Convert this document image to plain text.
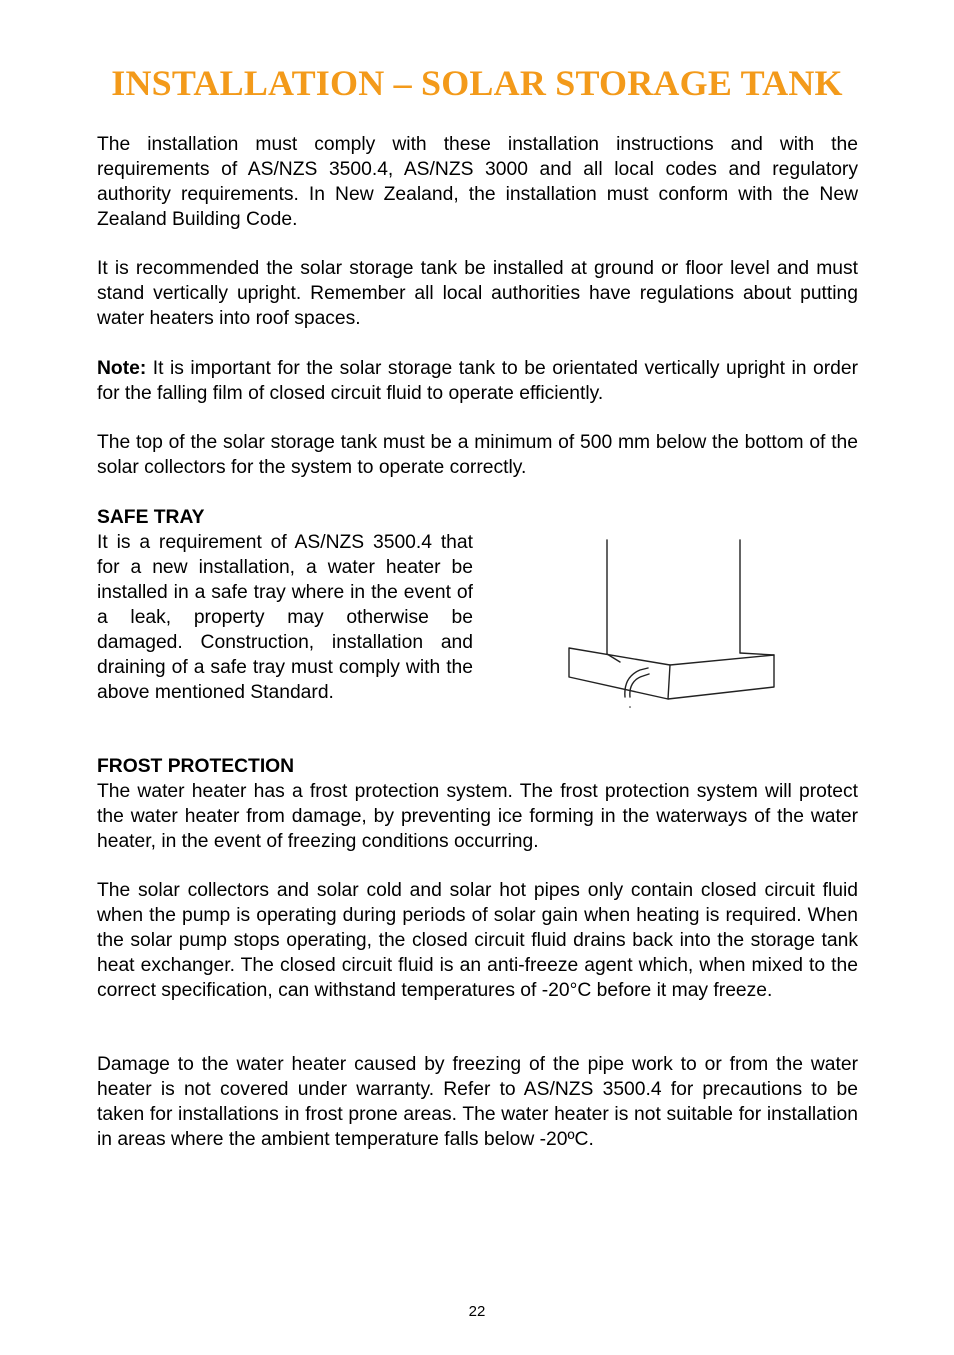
INSTALLATION – SOLAR STORAGE TANK

The installation must comply with these installation instructions and with the requirements of AS/NZS 3500.4, AS/NZS 3000 and all local codes and regulatory authority requirements. In New Zealand, the installation must conform with the New Zealand Building Code.

It is recommended the solar storage tank be installed at ground or floor level and must stand vertically upright. Remember all local authorities have regulations about putting water heaters into roof spaces.

Note: It is important for the solar storage tank to be orientated vertically upright in order for the falling film of closed circuit fluid to operate efficiently.

The top of the solar storage tank must be a minimum of 500 mm below the bottom of the solar collectors for the system to operate correctly.

SAFE TRAY

It is a requirement of AS/NZS 3500.4 that for a new installation, a water heater be installed in a safe tray where in the event of a leak, property may otherwise be damaged. Construction, installation and draining of a safe tray must comply with the above mentioned Standard.

FROST PROTECTION

The water heater has a frost protection system. The frost protection system will protect the water heater from damage, by preventing ice forming in the waterways of the water heater, in the event of freezing conditions occurring.

The solar collectors and solar cold and solar hot pipes only contain closed circuit fluid when the pump is operating during periods of solar gain when heating is required. When the solar pump stops operating, the closed circuit fluid drains back into the storage tank heat exchanger. The closed circuit fluid is an anti-freeze agent which, when mixed to the correct specification, can withstand temperatures of -20°C before it may freeze.

Damage to the water heater caused by freezing of the pipe work to or from the water heater is not covered under warranty. Refer to AS/NZS 3500.4 for precautions to be taken for installations in frost prone areas. The water heater is not suitable for installation in areas where the ambient temperature falls below -20ºC.

22
